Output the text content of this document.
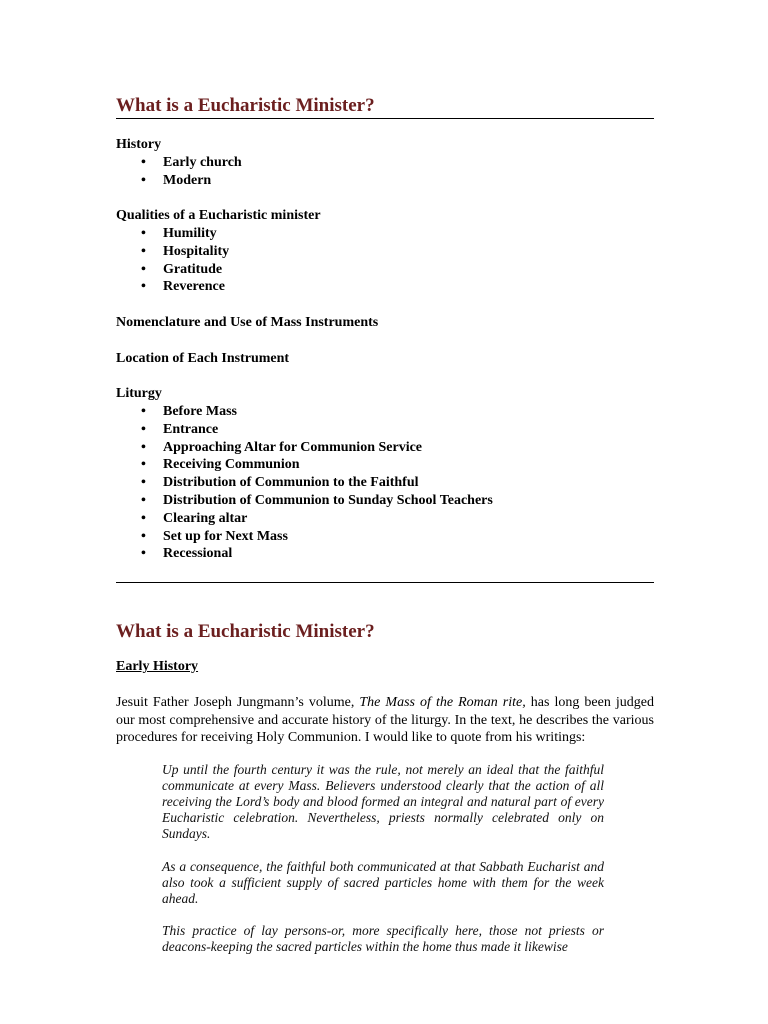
What is a Eucharistic Minister?
History
• Early church
• Modern
Qualities of a Eucharistic minister
• Humility
• Hospitality
• Gratitude
• Reverence
Nomenclature and Use of Mass Instruments
Location of Each Instrument
Liturgy
• Before Mass
• Entrance
• Approaching Altar for Communion Service
• Receiving Communion
• Distribution of Communion to the Faithful
• Distribution of Communion to Sunday School Teachers
• Clearing altar
• Set up for Next Mass
• Recessional
What is a Eucharistic Minister?

Early History

Jesuit Father Joseph Jungmann’s volume, The Mass of the Roman rite, has long been judged our most comprehensive and accurate history of the liturgy. In the text, he describes the various procedures for receiving Holy Communion. I would like to quote from his writings:

Up until the fourth century it was the rule, not merely an ideal that the faithful communicate at every Mass. Believers understood clearly that the action of all receiving the Lord’s body and blood formed an integral and natural part of every Eucharistic celebration. Nevertheless, priests normally celebrated only on Sundays.

As a consequence, the faithful both communicated at that Sabbath Eucharist and also took a sufficient supply of sacred particles home with them for the week ahead.

This practice of lay persons-or, more specifically here, those not priests or deacons-keeping the sacred particles within the home thus made it likewise
